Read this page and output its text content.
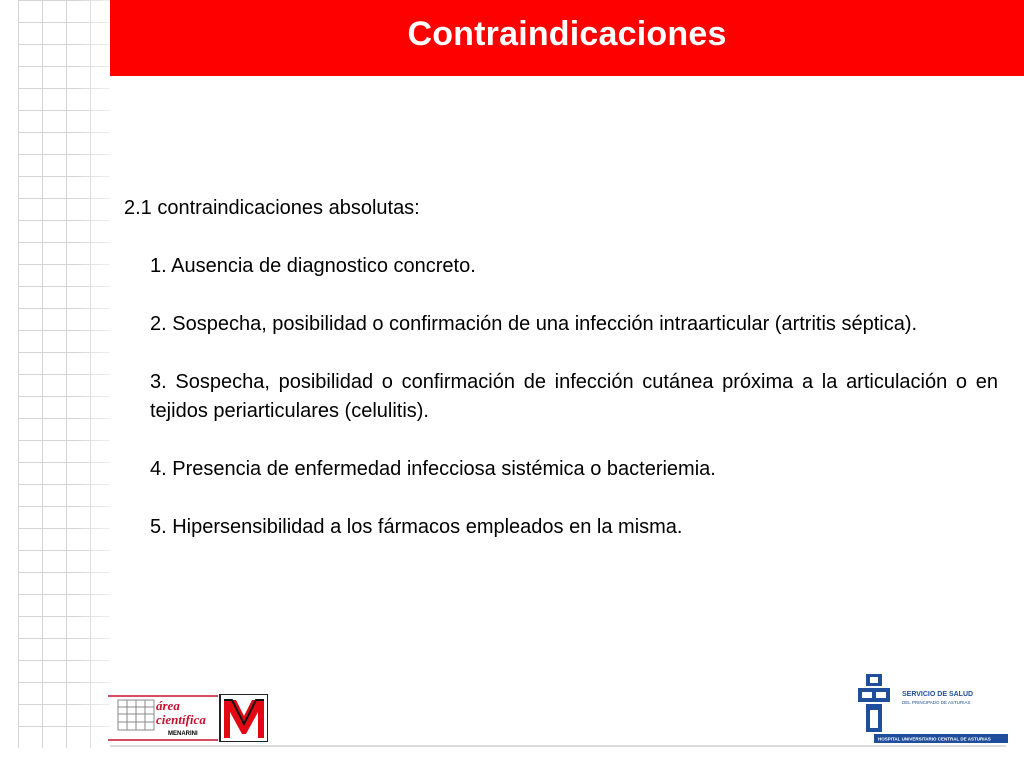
Contraindicaciones

2.1 contraindicaciones absolutas:

1. Ausencia de diagnostico concreto.

2. Sospecha, posibilidad o confirmación de una infección intraarticular (artritis séptica).

3. Sospecha, posibilidad o confirmación de infección cutánea próxima a la articulación o en tejidos periarticulares (celulitis).

4. Presencia de enfermedad infecciosa sistémica o bacteriemia.

5. Hipersensibilidad a los fármacos empleados en la misma.

área
científica
MENARINI
SERVICIO DE SALUD
DEL PRINCIPADO DE ASTURIAS
HOSPITAL UNIVERSITARIO CENTRAL DE ASTURIAS
